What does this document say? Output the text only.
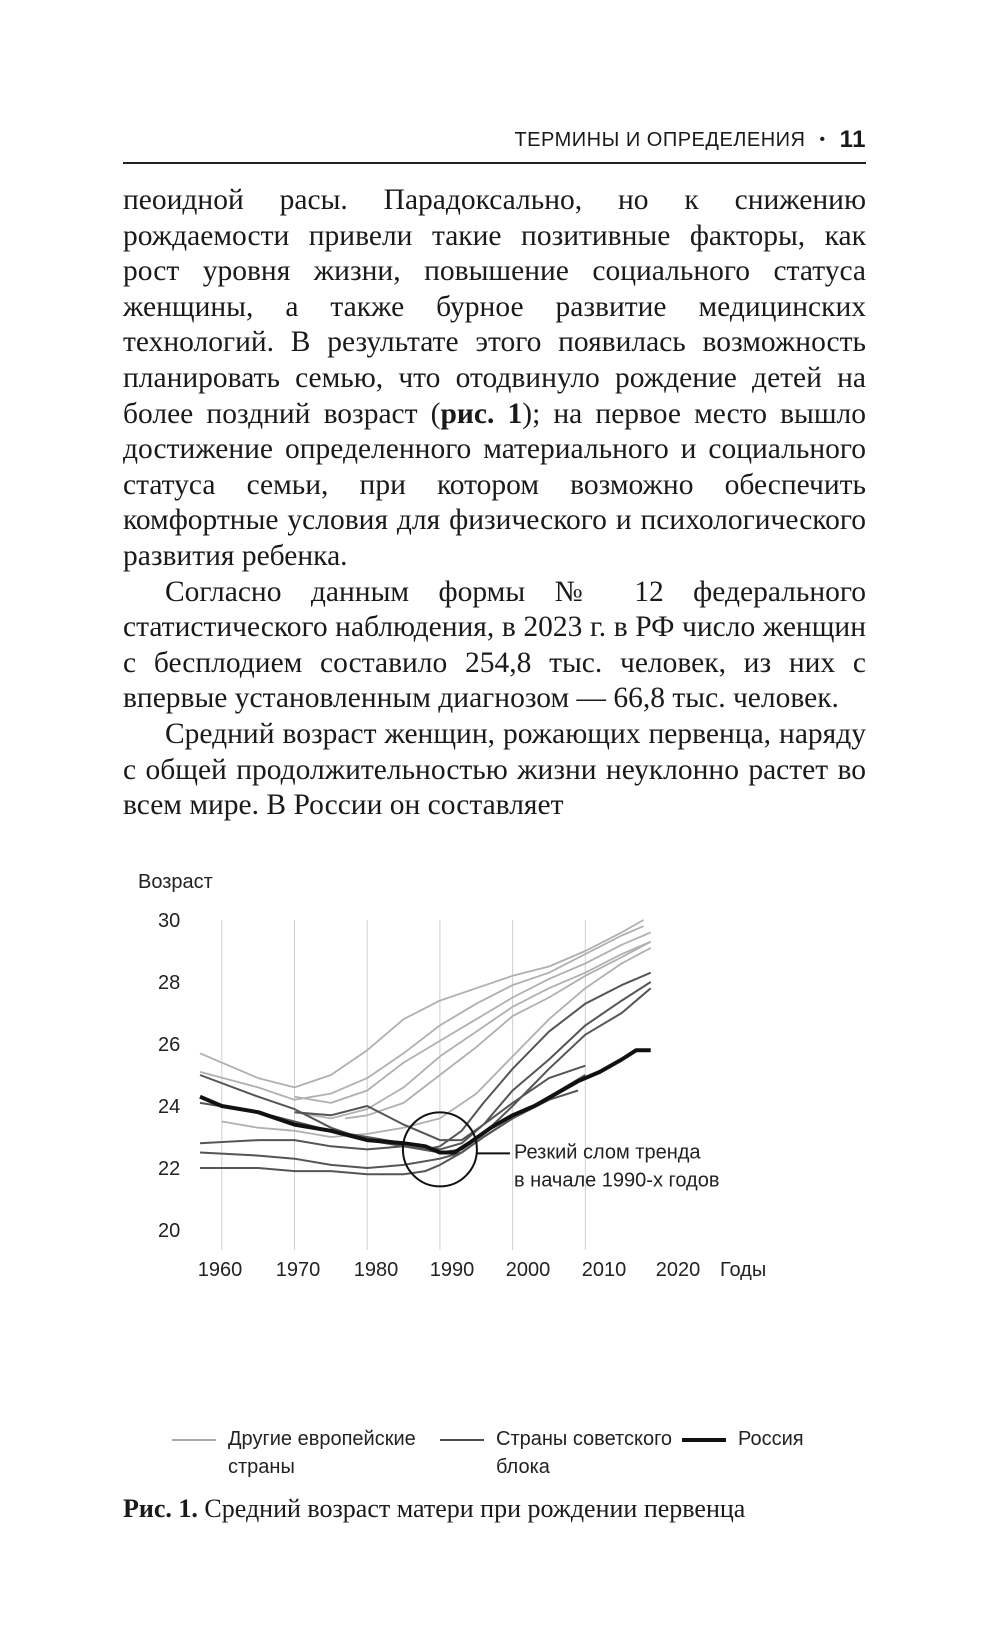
ТЕРМИНЫ И ОПРЕДЕЛЕНИЯ • 11

пеоидной расы. Парадоксально, но к снижению рождаемости привели такие позитивные факторы, как рост уровня жизни, повышение социального статуса женщины, а также бурное развитие медицинских технологий. В результате этого появилась возможность планировать семью, что отодвинуло рождение детей на более поздний возраст (рис. 1); на первое место вышло достижение определенного материального и социального статуса семьи, при котором возможно обеспечить комфортные условия для физического и психологического развития ребенка.

Согласно данным формы № 12 федерального статистического наблюдения, в 2023 г. в РФ число женщин с бесплодием составило 254,8 тыс. человек, из них с впервые установленным диагнозом — 66,8 тыс. человек.

Средний возраст женщин, рожающих первенца, наряду с общей продолжительностью жизни неуклонно растет во всем мире. В России он составляет

Возраст
20
22
24
26
28
30
1960 1970 1980 1990 2000 2010 2020 Годы
Резкий слом тренда
в начале 1990-х годов
Другие европейские страны
Страны советского блока
Россия
Рис. 1. Средний возраст матери при рождении первенца
